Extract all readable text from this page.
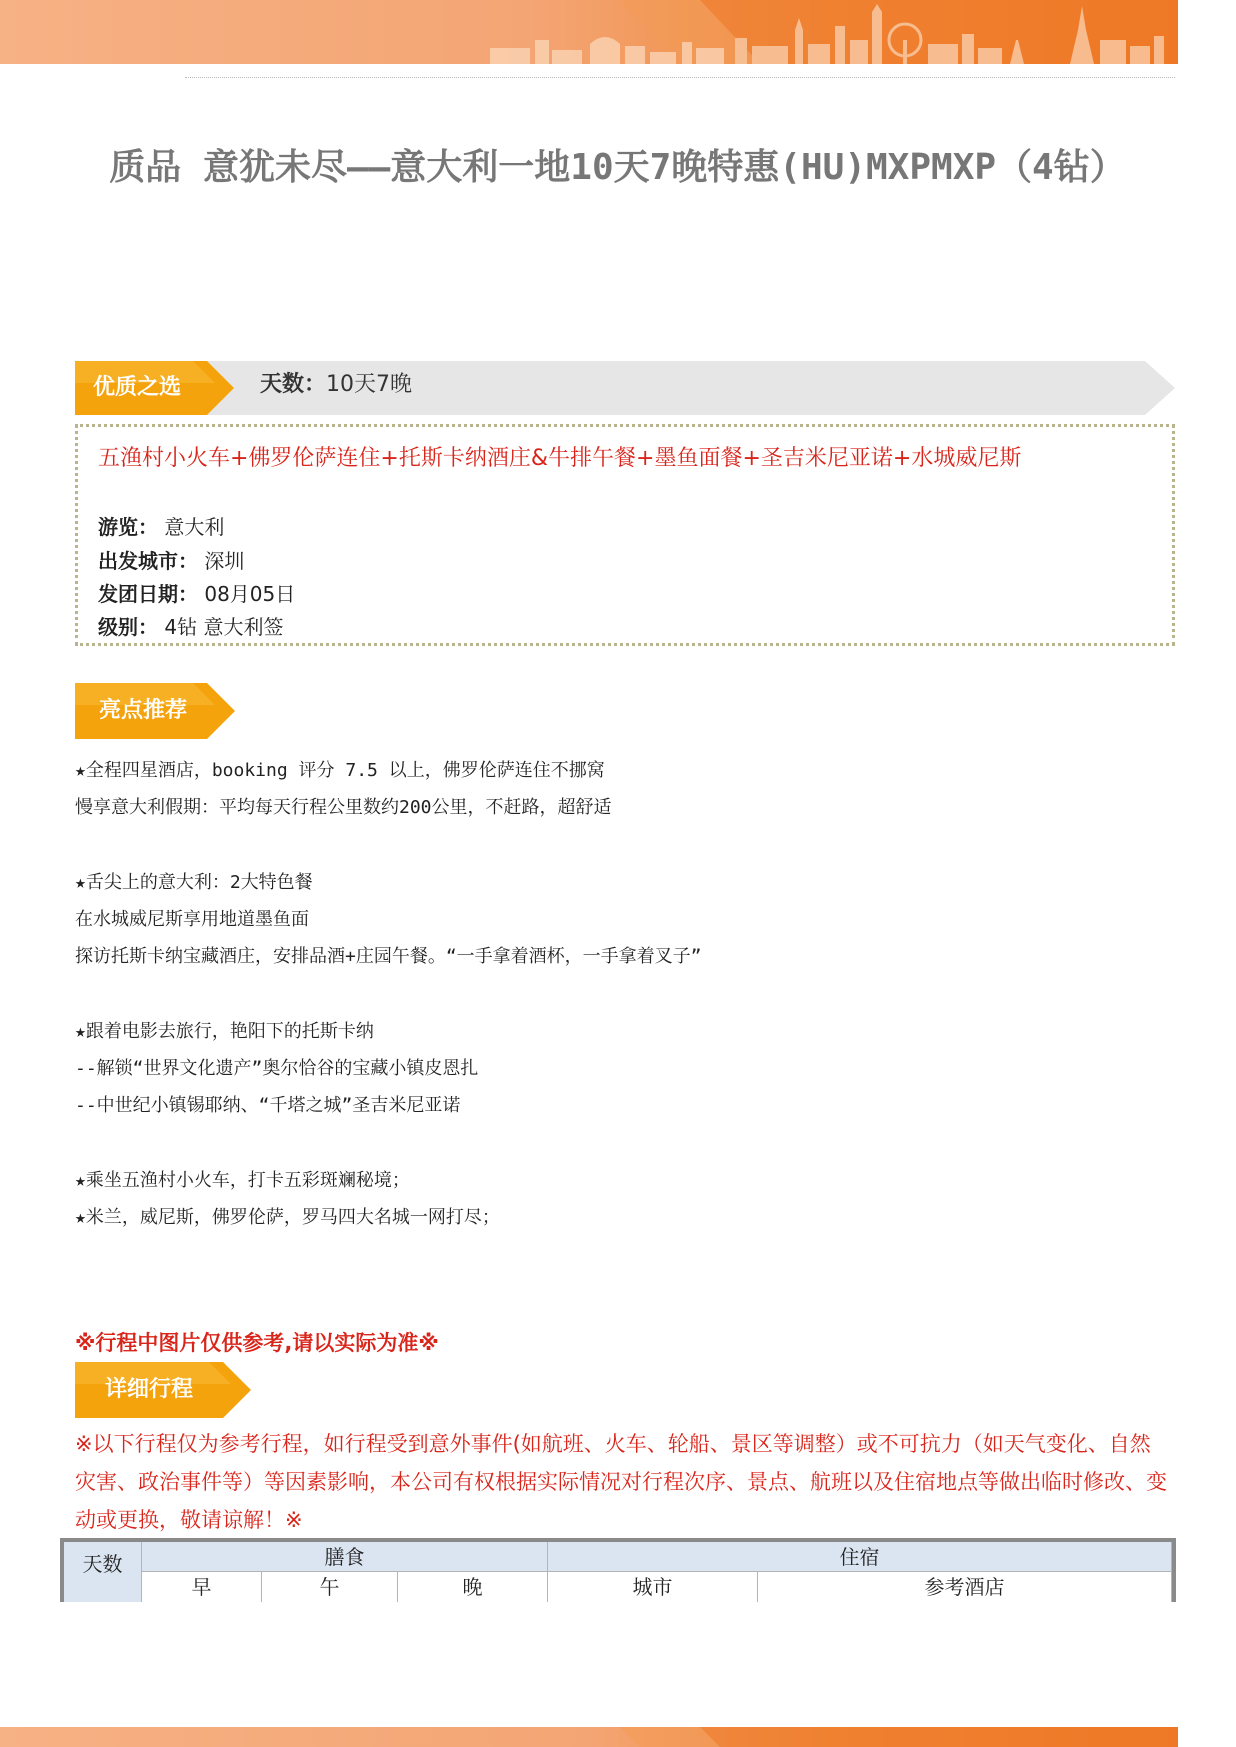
质品 意犹未尽——意大利一地10天7晚特惠(HU)MXPMXP（4钻）
优质之选	天数：10天7晚
五渔村小火车+佛罗伦萨连住+托斯卡纳酒庄&牛排午餐+墨鱼面餐+圣吉米尼亚诺+水城威尼斯
游览： 意大利
出发城市： 深圳
发团日期： 08月05日
级别： 4钻 意大利签
亮点推荐
★全程四星酒店，booking 评分 7.5 以上，佛罗伦萨连住不挪窝
慢享意大利假期：平均每天行程公里数约200公里，不赶路，超舒适
★舌尖上的意大利：2大特色餐
在水城威尼斯享用地道墨鱼面
探访托斯卡纳宝藏酒庄，安排品酒+庄园午餐。“一手拿着酒杯，一手拿着叉子”
★跟着电影去旅行，艳阳下的托斯卡纳
--解锁“世界文化遗产”奥尔恰谷的宝藏小镇皮恩扎
--中世纪小镇锡耶纳、“千塔之城”圣吉米尼亚诺
★乘坐五渔村小火车，打卡五彩斑斓秘境；
★米兰，威尼斯，佛罗伦萨，罗马四大名城一网打尽；
※行程中图片仅供参考,请以实际为准※
详细行程
※以下行程仅为参考行程，如行程受到意外事件(如航班、火车、轮船、景区等调整）或不可抗力（如天气变化、自然灾害、政治事件等）等因素影响，本公司有权根据实际情况对行程次序、景点、航班以及住宿地点等做出临时修改、变动或更换，敬请谅解！※
天数	膳食	住宿
早	午	晚	城市	参考酒店
